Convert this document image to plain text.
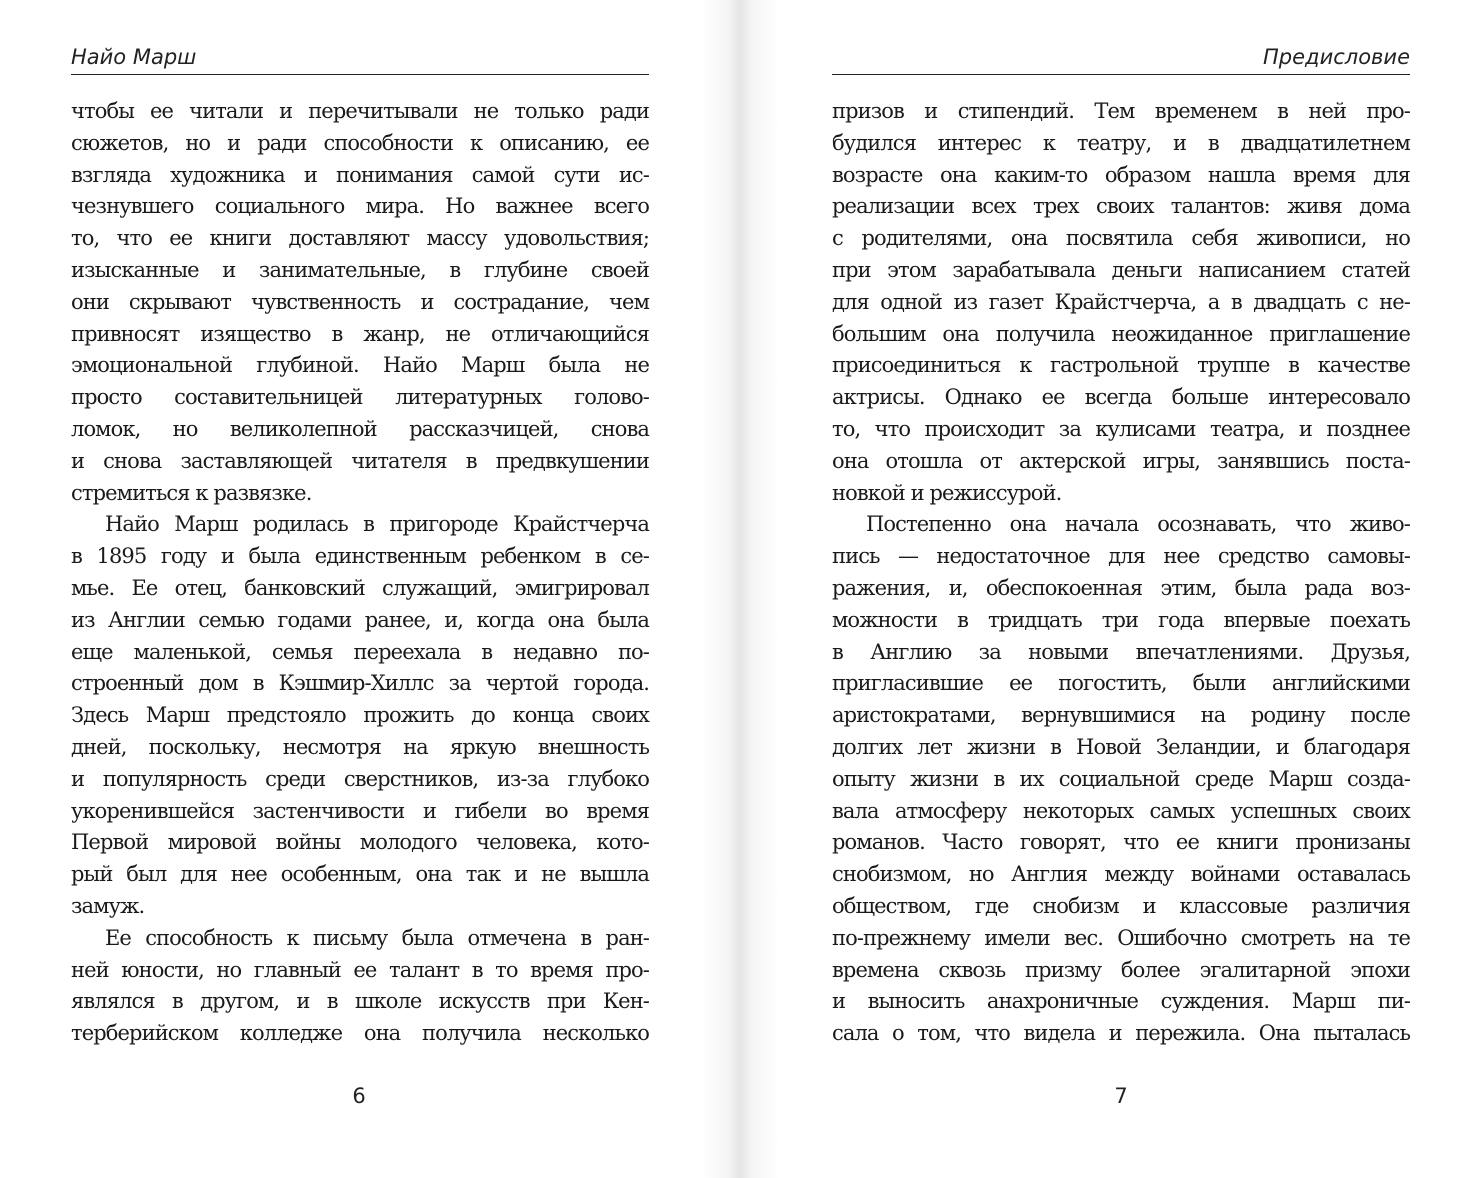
Найо Марш
чтобы ее читали и перечитывали не только ради
сюжетов, но и ради способности к описанию, ее
взгляда художника и понимания самой сути ис-
чезнувшего социального мира. Но важнее всего
то, что ее книги доставляют массу удовольствия;
изысканные и занимательные, в глубине своей
они скрывают чувственность и сострадание, чем
привносят изящество в жанр, не отличающийся
эмоциональной глубиной. Найо Марш была не
просто составительницей литературных голово-
ломок, но великолепной рассказчицей, снова
и снова заставляющей читателя в предвкушении
стремиться к развязке.
Найо Марш родилась в пригороде Крайстчерча
в 1895 году и была единственным ребенком в се-
мье. Ее отец, банковский служащий, эмигрировал
из Англии семью годами ранее, и, когда она была
еще маленькой, семья переехала в недавно по-
строенный дом в Кэшмир-Хиллс за чертой города.
Здесь Марш предстояло прожить до конца своих
дней, поскольку, несмотря на яркую внешность
и популярность среди сверстников, из-за глубоко
укоренившейся застенчивости и гибели во время
Первой мировой войны молодого человека, кото-
рый был для нее особенным, она так и не вышла
замуж.
Ее способность к письму была отмечена в ран-
ней юности, но главный ее талант в то время про-
являлся в другом, и в школе искусств при Кен-
терберийском колледже она получила несколько
6
Предисловие
призов и стипендий. Тем временем в ней про-
будился интерес к театру, и в двадцатилетнем
возрасте она каким-то образом нашла время для
реализации всех трех своих талантов: живя дома
с родителями, она посвятила себя живописи, но
при этом зарабатывала деньги написанием статей
для одной из газет Крайстчерча, а в двадцать с не-
большим она получила неожиданное приглашение
присоединиться к гастрольной труппе в качестве
актрисы. Однако ее всегда больше интересовало
то, что происходит за кулисами театра, и позднее
она отошла от актерской игры, занявшись поста-
новкой и режиссурой.
Постепенно она начала осознавать, что живо-
пись — недостаточное для нее средство самовы-
ражения, и, обеспокоенная этим, была рада воз-
можности в тридцать три года впервые поехать
в Англию за новыми впечатлениями. Друзья,
пригласившие ее погостить, были английскими
аристократами, вернувшимися на родину после
долгих лет жизни в Новой Зеландии, и благодаря
опыту жизни в их социальной среде Марш созда-
вала атмосферу некоторых самых успешных своих
романов. Часто говорят, что ее книги пронизаны
снобизмом, но Англия между войнами оставалась
обществом, где снобизм и классовые различия
по-прежнему имели вес. Ошибочно смотреть на те
времена сквозь призму более эгалитарной эпохи
и выносить анахроничные суждения. Марш пи-
сала о том, что видела и пережила. Она пыталась
7
